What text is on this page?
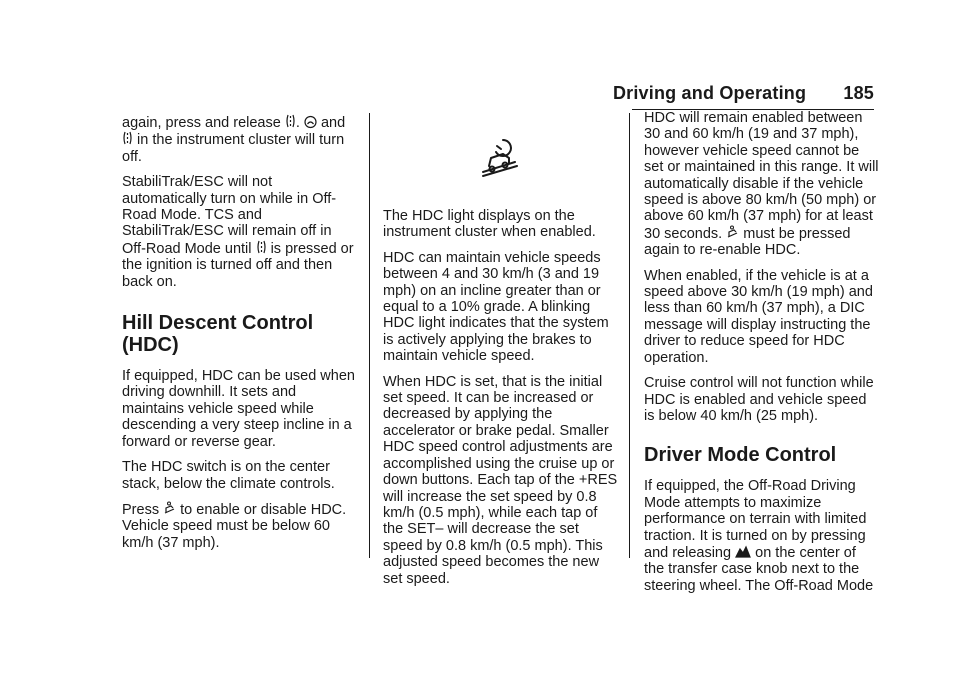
Driving and Operating 185

again, press and release . and  in the instrument cluster will turn off.

StabiliTrak/ESC will not automatically turn on while in Off-Road Mode. TCS and StabiliTrak/ESC will remain off in Off-Road Mode until is pressed or the ignition is turned off and then back on.

Hill Descent Control (HDC)

If equipped, HDC can be used when driving downhill. It sets and maintains vehicle speed while descending a very steep incline in a forward or reverse gear.

The HDC switch is on the center stack, below the climate controls.

Press to enable or disable HDC. Vehicle speed must be below 60 km/h (37 mph).

The HDC light displays on the instrument cluster when enabled.

HDC can maintain vehicle speeds between 4 and 30 km/h (3 and 19 mph) on an incline greater than or equal to a 10% grade. A blinking HDC light indicates that the system is actively applying the brakes to maintain vehicle speed.

When HDC is set, that is the initial set speed. It can be increased or decreased by applying the accelerator or brake pedal. Smaller HDC speed control adjustments are accomplished using the cruise up or down buttons. Each tap of the +RES will increase the set speed by 0.8 km/h (0.5 mph), while each tap of the SET– will decrease the set speed by 0.8 km/h (0.5 mph). This adjusted speed becomes the new set speed.

HDC will remain enabled between 30 and 60 km/h (19 and 37 mph), however vehicle speed cannot be set or maintained in this range. It will automatically disable if the vehicle speed is above 80 km/h (50 mph) or above 60 km/h (37 mph) for at least 30 seconds. must be pressed again to re-enable HDC.

When enabled, if the vehicle is at a speed above 30 km/h (19 mph) and less than 60 km/h (37 mph), a DIC message will display instructing the driver to reduce speed for HDC operation.

Cruise control will not function while HDC is enabled and vehicle speed is below 40 km/h (25 mph).

Driver Mode Control

If equipped, the Off-Road Driving Mode attempts to maximize performance on terrain with limited traction. It is turned on by pressing and releasing on the center of the transfer case knob next to the steering wheel. The Off-Road Mode
